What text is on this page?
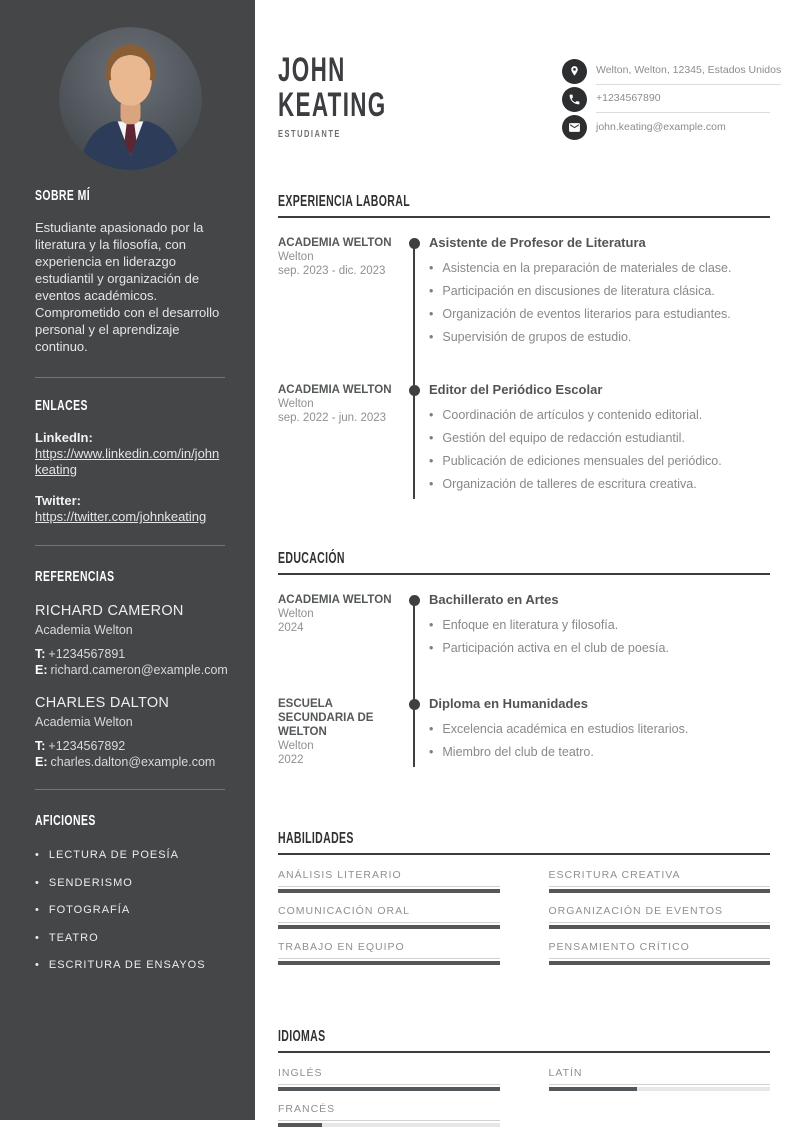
SOBRE MÍ

Estudiante apasionado por la literatura y la filosofía, con experiencia en liderazgo estudiantil y organización de eventos académicos. Comprometido con el desarrollo personal y el aprendizaje continuo.

ENLACES
LinkedIn:
https://www.linkedin.com/in/johnkeating
Twitter:
https://twitter.com/johnkeating
REFERENCIAS
RICHARD CAMERON
Academia Welton
T: +1234567891
E: richard.cameron@example.com
CHARLES DALTON
Academia Welton
T: +1234567892
E: charles.dalton@example.com
AFICIONES
• LECTURA DE POESÍA
• SENDERISMO
• FOTOGRAFÍA
• TEATRO
• ESCRITURA DE ENSAYOS
JOHN
KEATING
ESTUDIANTE
Welton, Welton, 12345, Estados Unidos
+1234567890
john.keating@example.com
EXPERIENCIA LABORAL
ACADEMIA WELTON
Welton
sep. 2023 - dic. 2023
Asistente de Profesor de Literatura
• Asistencia en la preparación de materiales de clase.
• Participación en discusiones de literatura clásica.
• Organización de eventos literarios para estudiantes.
• Supervisión de grupos de estudio.
ACADEMIA WELTON
Welton
sep. 2022 - jun. 2023
Editor del Periódico Escolar
• Coordinación de artículos y contenido editorial.
• Gestión del equipo de redacción estudiantil.
• Publicación de ediciones mensuales del periódico.
• Organización de talleres de escritura creativa.
EDUCACIÓN
ACADEMIA WELTON
Welton
2024
Bachillerato en Artes
• Enfoque en literatura y filosofía.
• Participación activa en el club de poesía.
ESCUELA SECUNDARIA DE WELTON
Welton
2022
Diploma en Humanidades
• Excelencia académica en estudios literarios.
• Miembro del club de teatro.
HABILIDADES
ANÁLISIS LITERARIO	ESCRITURA CREATIVA
COMUNICACIÓN ORAL	ORGANIZACIÓN DE EVENTOS
TRABAJO EN EQUIPO	PENSAMIENTO CRÍTICO
IDIOMAS
INGLÉS	LATÍN
FRANCÉS
